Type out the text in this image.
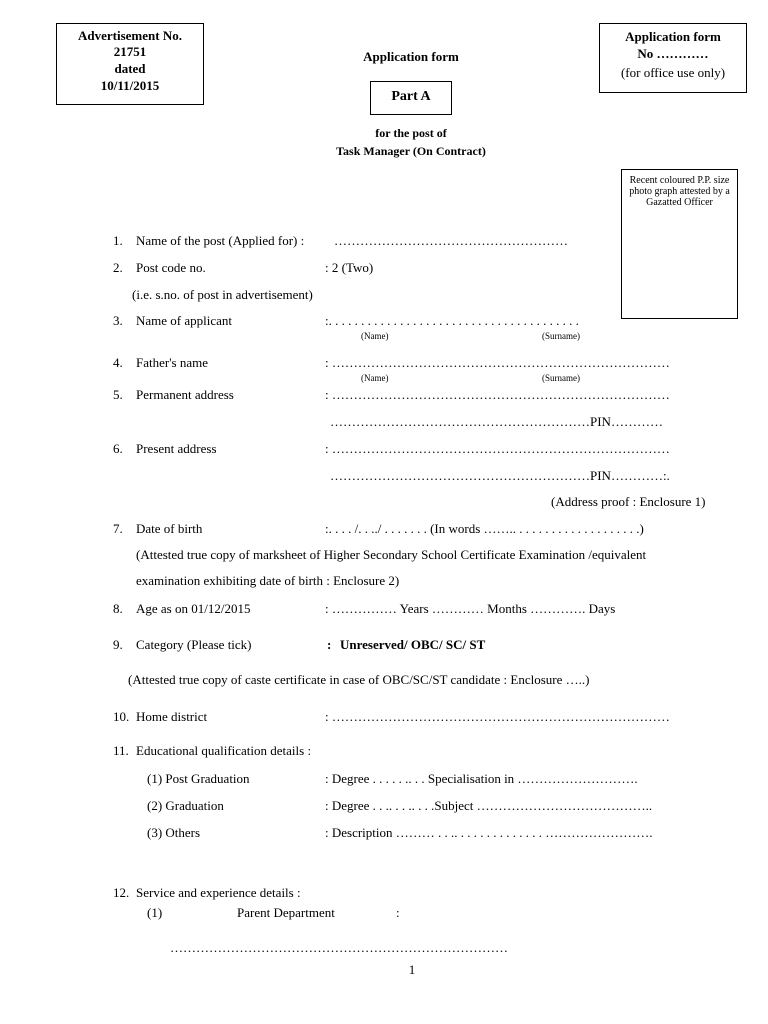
Advertisement No.
21751
dated
10/11/2015
Application form
Application form
No …………
(for office use only)
Part A
for the post of
Task Manager (On Contract)
Recent coloured P.P. size photo graph attested by a Gazatted Officer
1. Name of the post (Applied for) : ………………………………………………
2. Post code no.	: 2 (Two)
(i.e. s.no. of post in advertisement)
3. Name of applicant	:. . . . . . . . . . . . . . . . . . . . . . . . . . . . . . . . . . . . . . .
(Name)	(Surname)
4. Father's name	: ……………………………………………………………………
(Name)	(Surname)
5. Permanent address	: ……………………………………………………………………
……………………………………………………PIN…………
6. Present address	: ……………………………………………………………………
……………………………………………………PIN…………:.
(Address proof : Enclosure 1)
7. Date of birth	:. . . . /. . ../ . . . . . . . (In words …….. . . . . . . . . . . . . . . . . . . .)
(Attested true copy of marksheet of Higher Secondary School Certificate Examination /equivalent
examination exhibiting date of birth : Enclosure 2)
8. Age as on 01/12/2015	: …………… Years ………… Months …………. Days
9. Category (Please tick)	: Unreserved/ OBC/ SC/ ST
(Attested true copy of caste certificate in case of OBC/SC/ST candidate : Enclosure …..)
10. Home district	: ……………………………………………………………………
11. Educational qualification details :
(1) Post Graduation	: Degree . . . . . .. . . Specialisation in ……………………….
(2) Graduation	: Degree . . .. . . .. . . .Subject …………………………………..
(3) Others	: Description ……… . . .. . . . . . . . . . . . . . …………………….
12. Service and experience details :
(1)	Parent Department	:
……………………………………………………………………
1
